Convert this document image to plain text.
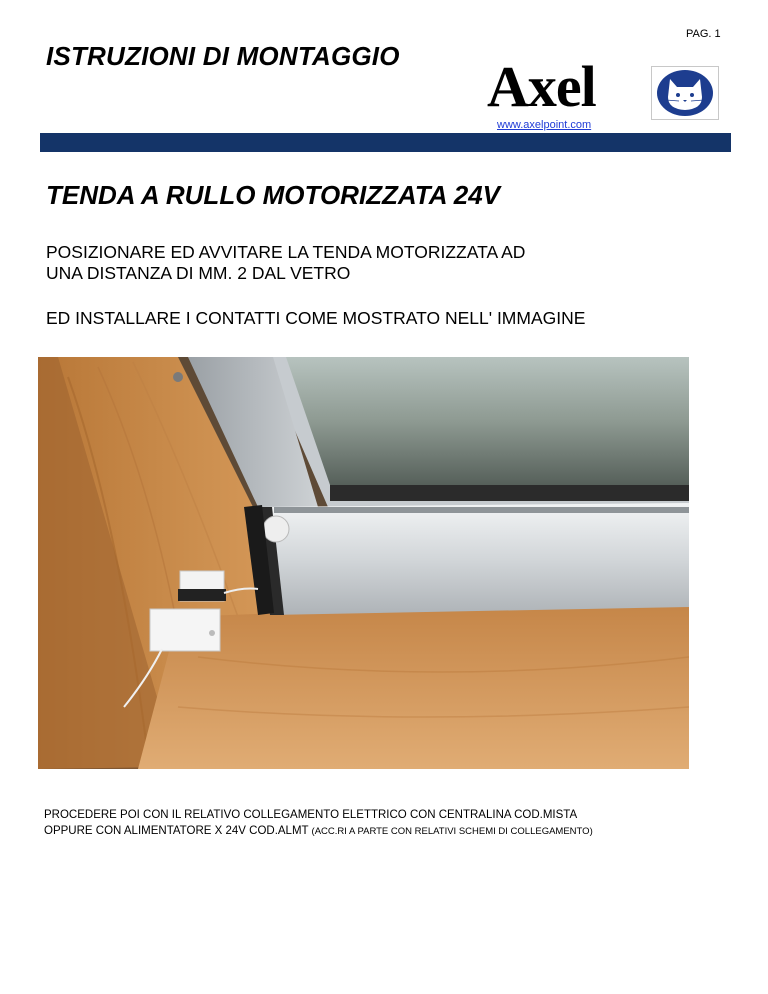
PAG. 1
ISTRUZIONI DI MONTAGGIO Axel
www.axelpoint.com
TENDA A RULLO MOTORIZZATA 24V
POSIZIONARE ED AVVITARE LA TENDA MOTORIZZATA AD
UNA DISTANZA DI MM. 2 DAL VETRO
ED INSTALLARE I CONTATTI COME MOSTRATO NELL' IMMAGINE
PROCEDERE POI CON IL RELATIVO COLLEGAMENTO ELETTRICO CON CENTRALINA COD.MISTA
OPPURE CON ALIMENTATORE X 24V COD.ALMT (ACC.RI A PARTE CON RELATIVI SCHEMI DI COLLEGAMENTO)
